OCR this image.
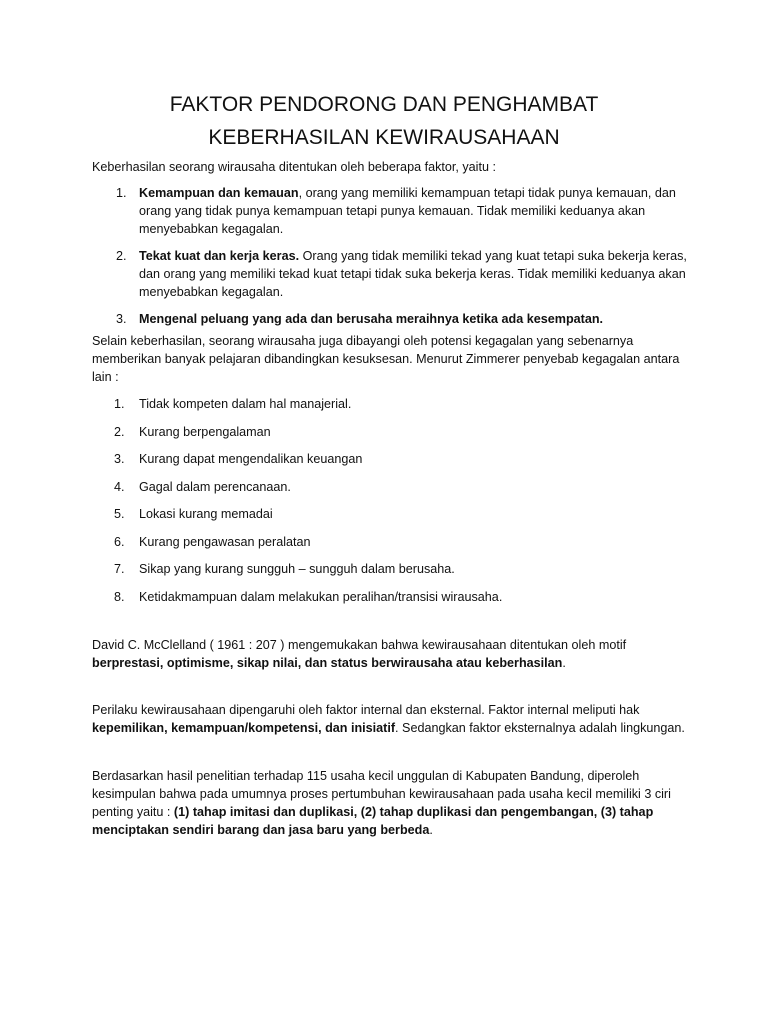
FAKTOR PENDORONG DAN PENGHAMBAT
KEBERHASILAN KEWIRAUSAHAAN

Keberhasilan seorang wirausaha ditentukan oleh beberapa faktor, yaitu :

1. Kemampuan dan kemauan, orang yang memiliki kemampuan tetapi tidak punya kemauan, dan orang yang tidak punya kemampuan tetapi punya kemauan. Tidak memiliki keduanya akan menyebabkan kegagalan.
2. Tekat kuat dan kerja keras. Orang yang tidak memiliki tekad yang kuat tetapi suka bekerja keras, dan orang yang memiliki tekad kuat tetapi tidak suka bekerja keras. Tidak memiliki keduanya akan menyebabkan kegagalan.
3. Mengenal peluang yang ada dan berusaha meraihnya ketika ada kesempatan.

Selain keberhasilan, seorang wirausaha juga dibayangi oleh potensi kegagalan yang sebenarnya memberikan banyak pelajaran dibandingkan kesuksesan. Menurut Zimmerer penyebab kegagalan antara lain :

1.	Tidak kompeten dalam hal manajerial.
2.	Kurang berpengalaman
3.	Kurang dapat mengendalikan keuangan
4.	Gagal dalam perencanaan.
5.	Lokasi kurang memadai
6.	Kurang pengawasan peralatan
7.	Sikap yang kurang sungguh – sungguh dalam berusaha.
8.	Ketidakmampuan dalam melakukan peralihan/transisi wirausaha.

David C. McClelland ( 1961 : 207 ) mengemukakan bahwa kewirausahaan ditentukan oleh motif berprestasi, optimisme, sikap nilai, dan status berwirausaha atau keberhasilan.

Perilaku kewirausahaan dipengaruhi oleh faktor internal dan eksternal. Faktor internal meliputi hak kepemilikan, kemampuan/kompetensi, dan inisiatif. Sedangkan faktor eksternalnya adalah lingkungan.

Berdasarkan hasil penelitian terhadap 115 usaha kecil unggulan di Kabupaten Bandung, diperoleh kesimpulan bahwa pada umumnya proses pertumbuhan kewirausahaan pada usaha kecil memiliki 3 ciri penting yaitu : (1) tahap imitasi dan duplikasi, (2) tahap duplikasi dan pengembangan, (3) tahap menciptakan sendiri barang dan jasa baru yang berbeda.
